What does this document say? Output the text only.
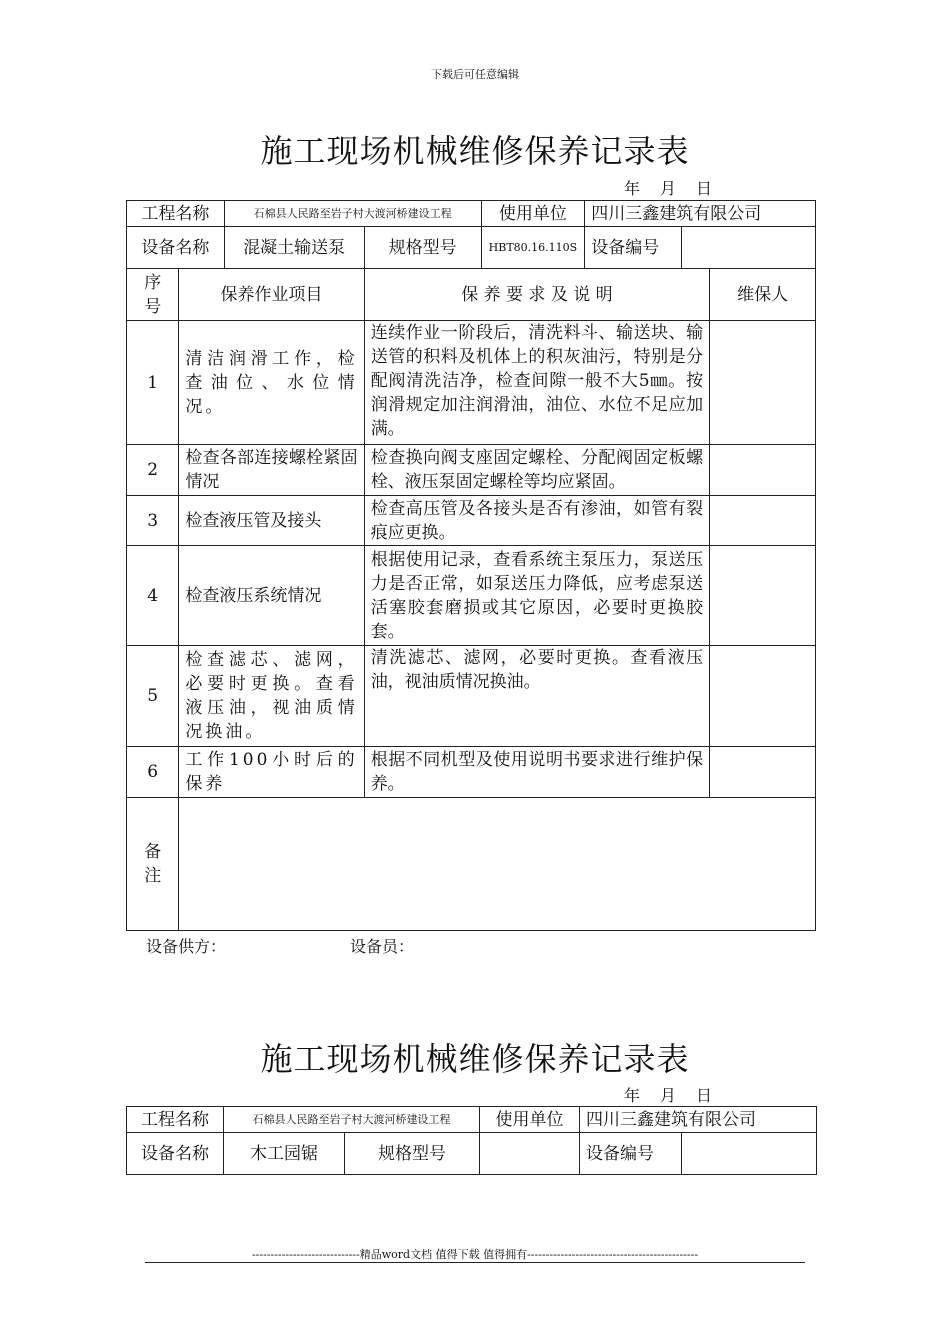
下载后可任意编辑
施工现场机械维修保养记录表
年　月　日
工程名称		石棉县人民路至岩子村大渡河桥建设工程		使用单位	四川三鑫建筑有限公司		
设备名称		混凝土输送泵	规格型号	HBT80.16.110S	设备编号		
序号	保养作业项目		保 养 要 求 及 说 明				维保人
1	清洁润滑工作，检查油位、水位情况。		连续作业一阶段后，清洗料斗、输送块、输送管的积料及机体上的积灰油污，特别是分配阀清洗洁净，检查间隙一般不大5㎜。按润滑规定加注润滑油，油位、水位不足应加满。				
2	检查各部连接螺栓紧固情况		检查换向阀支座固定螺栓、分配阀固定板螺栓、液压泵固定螺栓等均应紧固。				
3	检查液压管及接头		检查高压管及各接头是否有渗油，如管有裂痕应更换。				
4	检查液压系统情况		根据使用记录，查看系统主泵压力，泵送压力是否正常，如泵送压力降低，应考虑泵送活塞胶套磨损或其它原因，必要时更换胶套。				
5	检查滤芯、滤网，必要时更换。查看液压油，视油质情况换油。		清洗滤芯、滤网，必要时更换。查看液压油，视油质情况换油。				
6	工作100小时后的保养		根据不同机型及使用说明书要求进行维护保养。				
备注							
设备供方：	设备员：
施工现场机械维修保养记录表
年　月　日
工程名称	石棉县人民路至岩子村大渡河桥建设工程		使用单位	四川三鑫建筑有限公司	
设备名称	木工园锯	规格型号		设备编号	
-----------------------------精品word文档 值得下载 值得拥有----------------------------------------------
